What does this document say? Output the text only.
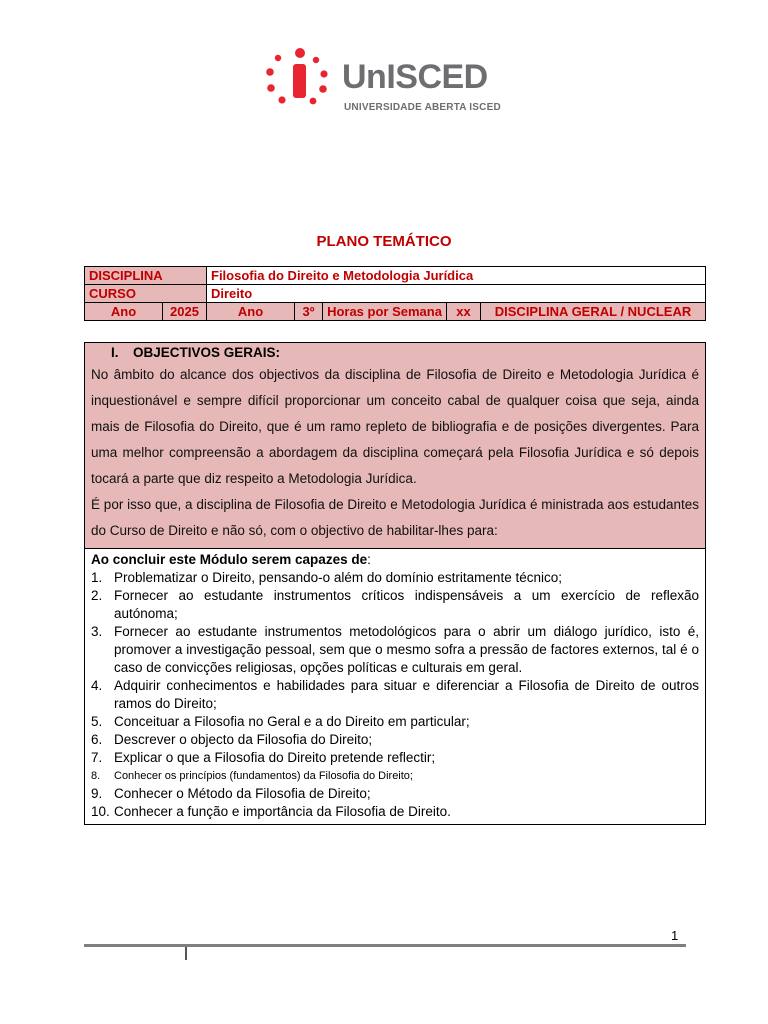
UnISCED
UNIVERSIDADE ABERTA ISCED
PLANO TEMÁTICO
DISCIPLINA		Filosofia do Direito e Metodologia Jurídica				
CURSO		Direito				
Ano	2025	Ano	3º	Horas por Semana	xx	DISCIPLINA GERAL / NUCLEAR
I. OBJECTIVOS GERAIS:

No âmbito do alcance dos objectivos da disciplina de Filosofia de Direito e Metodologia Jurídica é inquestionável e sempre difícil proporcionar um conceito cabal de qualquer coisa que seja, ainda mais de Filosofia do Direito, que é um ramo repleto de bibliografia e de posições divergentes. Para uma melhor compreensão a abordagem da disciplina começará pela Filosofia Jurídica e só depois tocará a parte que diz respeito a Metodologia Jurídica.

É por isso que, a disciplina de Filosofia de Direito e Metodologia Jurídica é ministrada aos estudantes do Curso de Direito e não só, com o objectivo de habilitar-lhes para:

Ao concluir este Módulo serem capazes de:
1. Problematizar o Direito, pensando-o além do domínio estritamente técnico;
2. Fornecer ao estudante instrumentos críticos indispensáveis a um exercício de reflexão autónoma;
3. Fornecer ao estudante instrumentos metodológicos para o abrir um diálogo jurídico, isto é, promover a investigação pessoal, sem que o mesmo sofra a pressão de factores externos, tal é o caso de convicções religiosas, opções políticas e culturais em geral.
4. Adquirir conhecimentos e habilidades para situar e diferenciar a Filosofia de Direito de outros ramos do Direito;
5. Conceituar a Filosofia no Geral e a do Direito em particular;
6. Descrever o objecto da Filosofia do Direito;
7. Explicar o que a Filosofia do Direito pretende reflectir;
8. Conhecer os princípios (fundamentos) da Filosofia do Direito;
9. Conhecer o Método da Filosofia de Direito;
10. Conhecer a função e importância da Filosofia de Direito.
1
